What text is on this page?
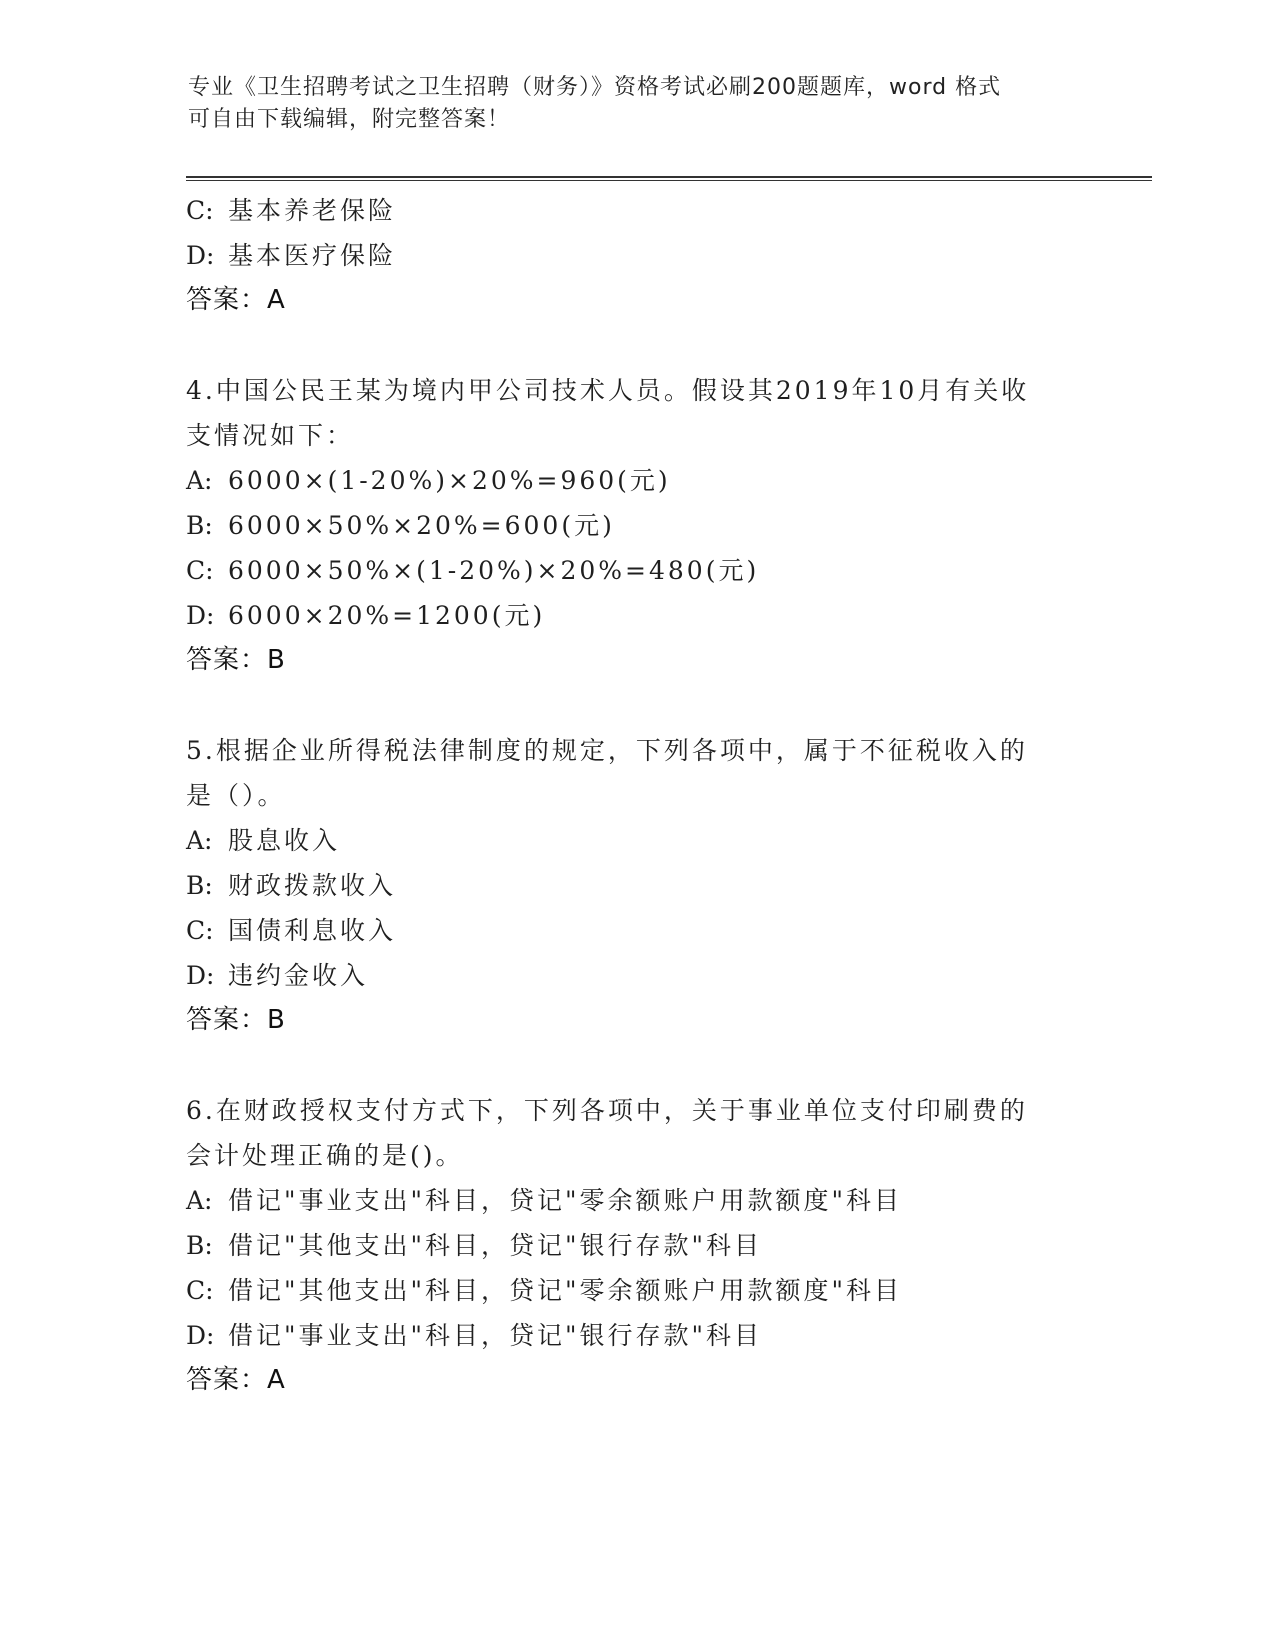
专业《卫生招聘考试之卫生招聘（财务）》资格考试必刷200题题库，word 格式
可自由下载编辑，附完整答案！
C: 基本养老保险
D: 基本医疗保险
答案：A
4.中国公民王某为境内甲公司技术人员。假设其2019年10月有关收
支情况如下：
A: 6000×(1-20%)×20%=960(元)
B: 6000×50%×20%=600(元)
C: 6000×50%×(1-20%)×20%=480(元)
D: 6000×20%=1200(元)
答案：B
5.根据企业所得税法律制度的规定，下列各项中，属于不征税收入的
是（）。
A: 股息收入
B: 财政拨款收入
C: 国债利息收入
D: 违约金收入
答案：B
6.在财政授权支付方式下，下列各项中，关于事业单位支付印刷费的
会计处理正确的是()。
A: 借记"事业支出"科目，贷记"零余额账户用款额度"科目
B: 借记"其他支出"科目，贷记"银行存款"科目
C: 借记"其他支出"科目，贷记"零余额账户用款额度"科目
D: 借记"事业支出"科目，贷记"银行存款"科目
答案：A
